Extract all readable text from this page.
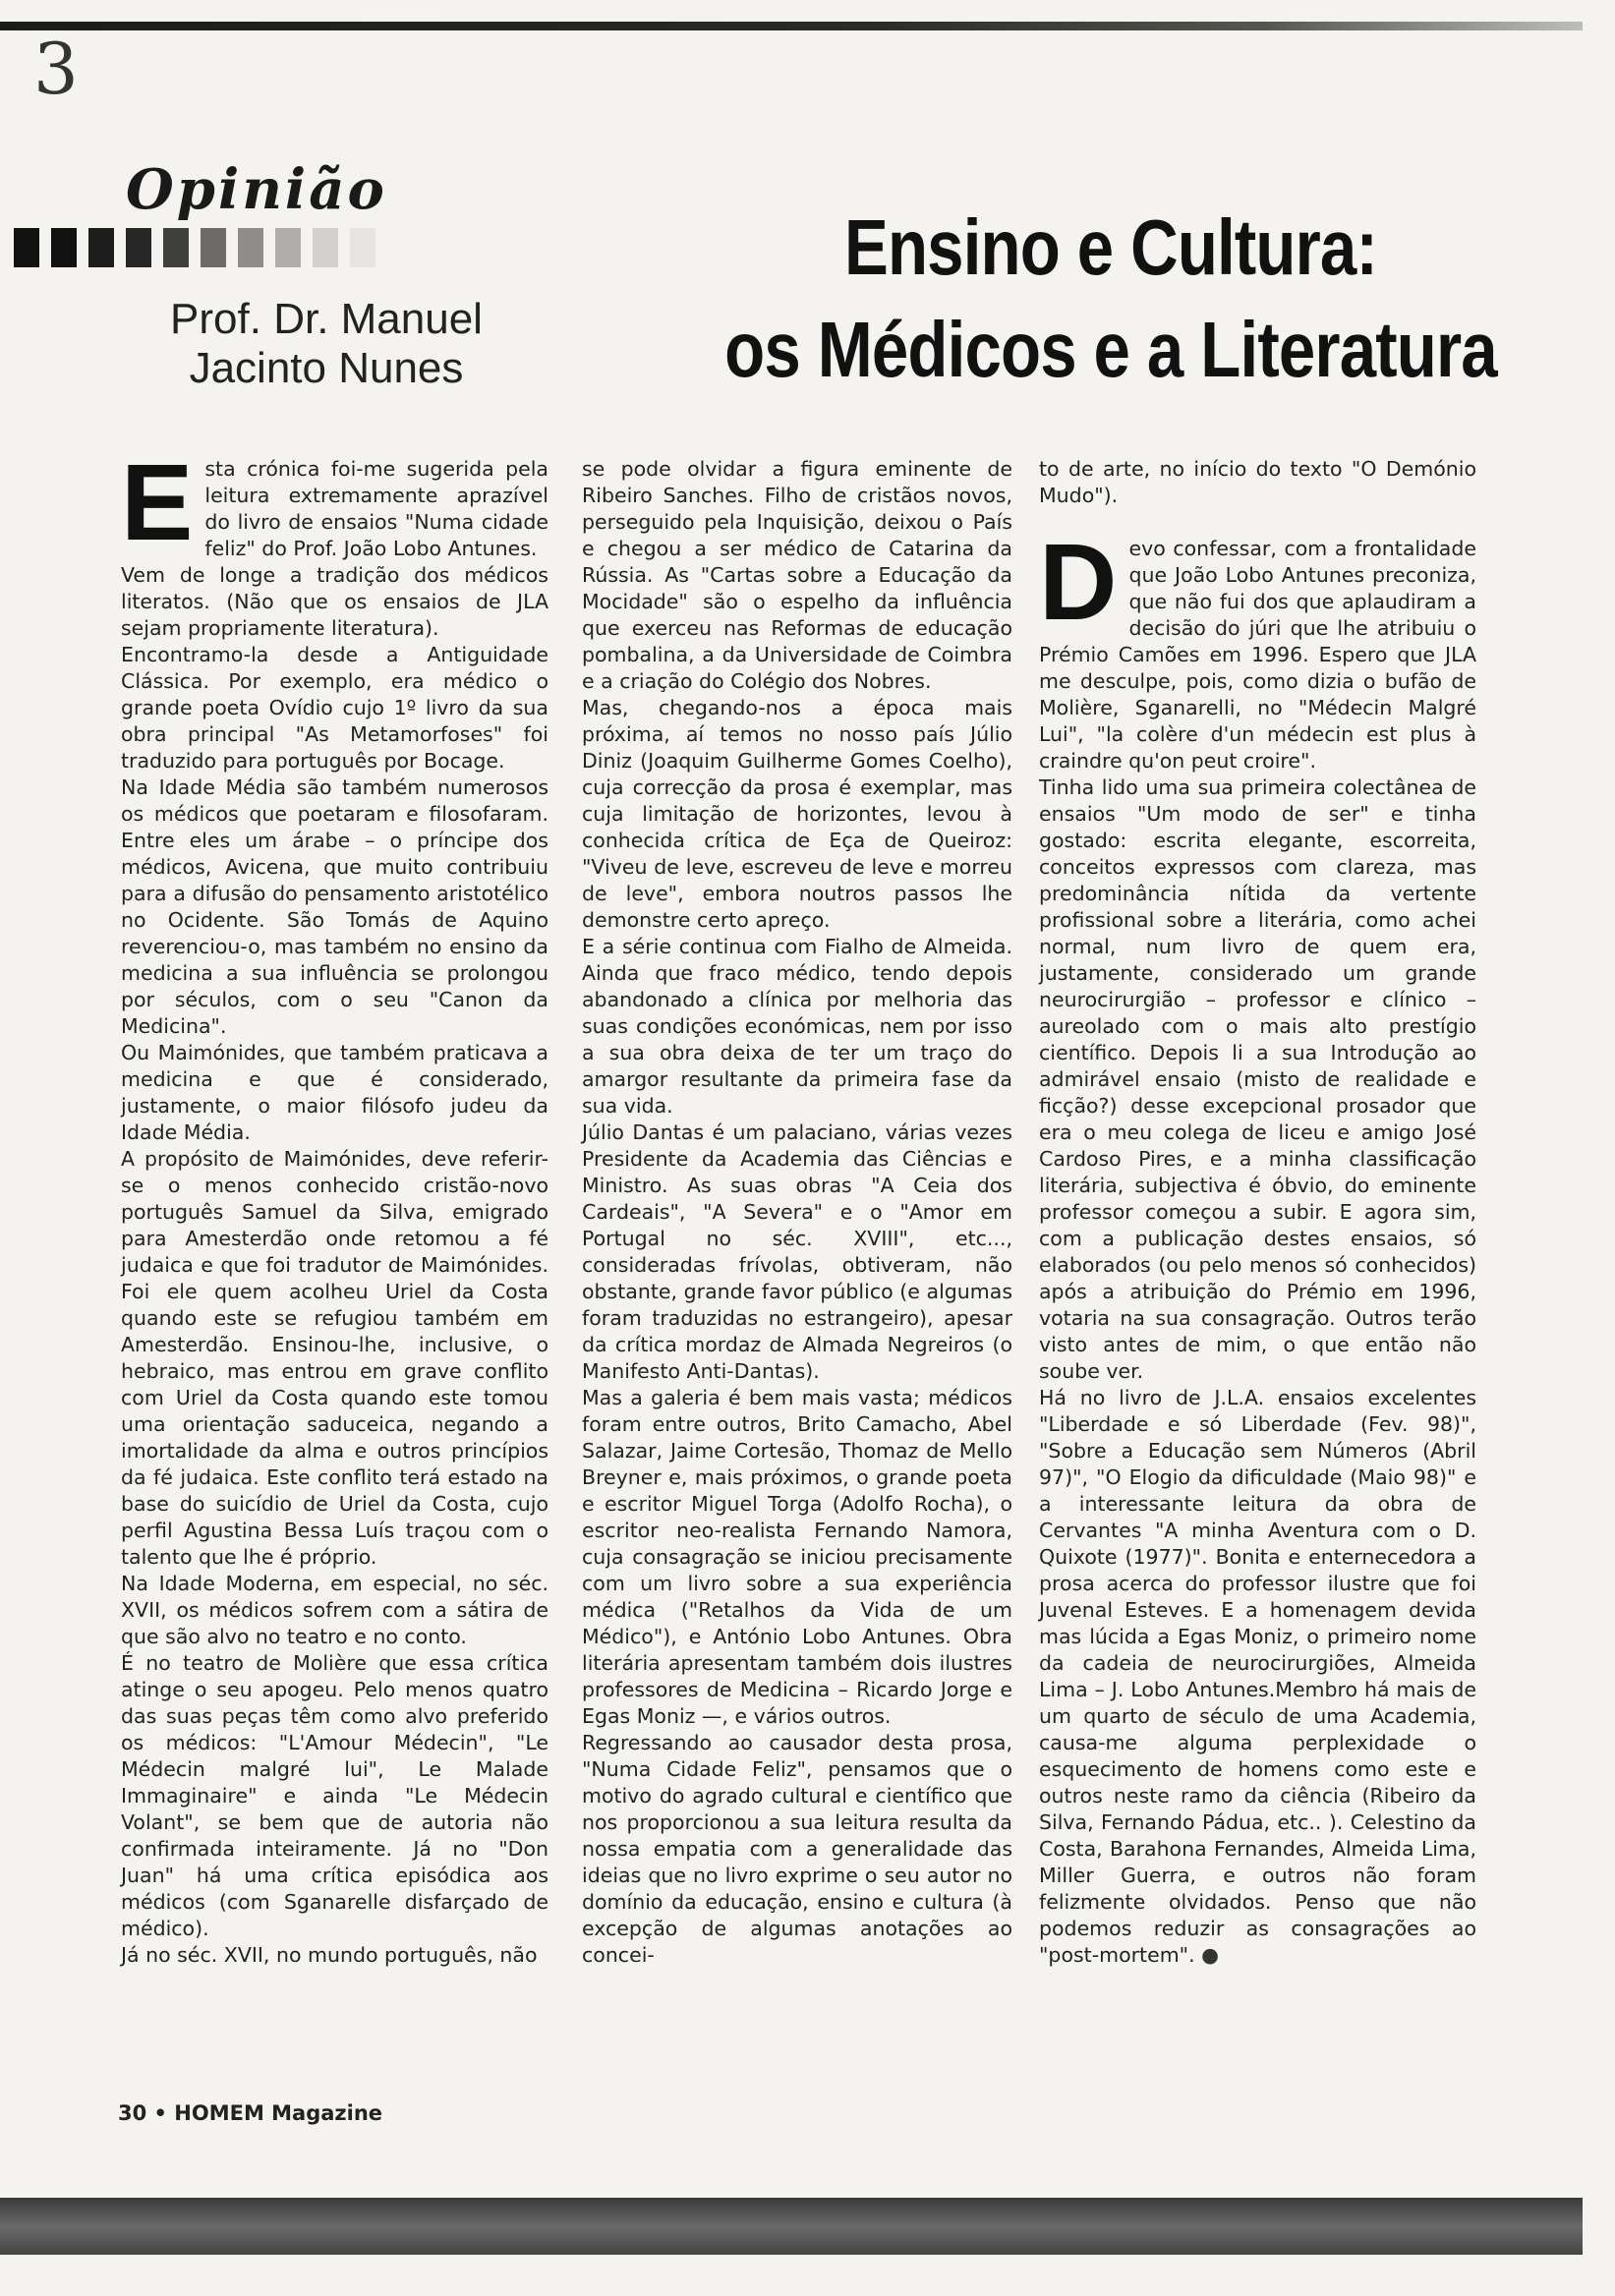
3
Opinião
Prof. Dr. Manuel
Jacinto Nunes
Ensino e Cultura:
os Médicos e a Literatura

Esta crónica foi-me sugerida pela leitura extremamente aprazível do livro de ensaios "Numa cidade feliz" do Prof. João Lobo Antunes.

Vem de longe a tradição dos médicos literatos. (Não que os ensaios de JLA sejam propriamente literatura).

Encontramo-la desde a Antiguidade Clássica. Por exemplo, era médico o grande poeta Ovídio cujo 1º livro da sua obra principal "As Metamorfoses" foi traduzido para português por Bocage.

Na Idade Média são também numerosos os médicos que poetaram e filosofaram. Entre eles um árabe – o príncipe dos médicos, Avicena, que muito contribuiu para a difusão do pensamento aristotélico no Ocidente. São Tomás de Aquino reverenciou-o, mas também no ensino da medicina a sua influência se prolongou por séculos, com o seu "Canon da Medicina".

Ou Maimónides, que também praticava a medicina e que é considerado, justamente, o maior filósofo judeu da Idade Média.

A propósito de Maimónides, deve referir-se o menos conhecido cristão-novo português Samuel da Silva, emigrado para Amesterdão onde retomou a fé judaica e que foi tradutor de Maimónides. Foi ele quem acolheu Uriel da Costa quando este se refugiou também em Amesterdão. Ensinou-lhe, inclusive, o hebraico, mas entrou em grave conflito com Uriel da Costa quando este tomou uma orientação saduceica, negando a imortalidade da alma e outros princípios da fé judaica. Este conflito terá estado na base do suicídio de Uriel da Costa, cujo perfil Agustina Bessa Luís traçou com o talento que lhe é próprio.

Na Idade Moderna, em especial, no séc. XVII, os médicos sofrem com a sátira de que são alvo no teatro e no conto.

É no teatro de Molière que essa crítica atinge o seu apogeu. Pelo menos quatro das suas peças têm como alvo preferido os médicos: "L'Amour Médecin", "Le Médecin malgré lui", Le Malade Immaginaire" e ainda "Le Médecin Volant", se bem que de autoria não confirmada inteiramente. Já no "Don Juan" há uma crítica episódica aos médicos (com Sganarelle disfarçado de médico).

Já no séc. XVII, no mundo português, não

se pode olvidar a figura eminente de Ribeiro Sanches. Filho de cristãos novos, perseguido pela Inquisição, deixou o País e chegou a ser médico de Catarina da Rússia. As "Cartas sobre a Educação da Mocidade" são o espelho da influência que exerceu nas Reformas de educação pombalina, a da Universidade de Coimbra e a criação do Colégio dos Nobres.

Mas, chegando-nos a época mais próxima, aí temos no nosso país Júlio Diniz (Joaquim Guilherme Gomes Coelho), cuja correcção da prosa é exemplar, mas cuja limitação de horizontes, levou à conhecida crítica de Eça de Queiroz: "Viveu de leve, escreveu de leve e morreu de leve", embora noutros passos lhe demonstre certo apreço.

E a série continua com Fialho de Almeida. Ainda que fraco médico, tendo depois abandonado a clínica por melhoria das suas condições económicas, nem por isso a sua obra deixa de ter um traço do amargor resultante da primeira fase da sua vida.

Júlio Dantas é um palaciano, várias vezes Presidente da Academia das Ciências e Ministro. As suas obras "A Ceia dos Cardeais", "A Severa" e o "Amor em Portugal no séc. XVIII", etc..., consideradas frívolas, obtiveram, não obstante, grande favor público (e algumas foram traduzidas no estrangeiro), apesar da crítica mordaz de Almada Negreiros (o Manifesto Anti-Dantas).

Mas a galeria é bem mais vasta; médicos foram entre outros, Brito Camacho, Abel Salazar, Jaime Cortesão, Thomaz de Mello Breyner e, mais próximos, o grande poeta e escritor Miguel Torga (Adolfo Rocha), o escritor neo-realista Fernando Namora, cuja consagração se iniciou precisamente com um livro sobre a sua experiência médica ("Retalhos da Vida de um Médico"), e António Lobo Antunes. Obra literária apresentam também dois ilustres professores de Medicina – Ricardo Jorge e Egas Moniz —, e vários outros.

Regressando ao causador desta prosa, "Numa Cidade Feliz", pensamos que o motivo do agrado cultural e científico que nos proporcionou a sua leitura resulta da nossa empatia com a generalidade das ideias que no livro exprime o seu autor no domínio da educação, ensino e cultura (à excepção de algumas anotações ao concei-

to de arte, no início do texto "O Demónio Mudo").

Devo confessar, com a frontalidade que João Lobo Antunes preconiza, que não fui dos que aplaudiram a decisão do júri que lhe atribuiu o Prémio Camões em 1996. Espero que JLA me desculpe, pois, como dizia o bufão de Molière, Sganarelli, no "Médecin Malgré Lui", "la colère d'un médecin est plus à craindre qu'on peut croire".

Tinha lido uma sua primeira colectânea de ensaios "Um modo de ser" e tinha gostado: escrita elegante, escorreita, conceitos expressos com clareza, mas predominância nítida da vertente profissional sobre a literária, como achei normal, num livro de quem era, justamente, considerado um grande neurocirurgião – professor e clínico – aureolado com o mais alto prestígio científico. Depois li a sua Introdução ao admirável ensaio (misto de realidade e ficção?) desse excepcional prosador que era o meu colega de liceu e amigo José Cardoso Pires, e a minha classificação literária, subjectiva é óbvio, do eminente professor começou a subir. E agora sim, com a publicação destes ensaios, só elaborados (ou pelo menos só conhecidos) após a atribuição do Prémio em 1996, votaria na sua consagração. Outros terão visto antes de mim, o que então não soube ver.

Há no livro de J.L.A. ensaios excelentes "Liberdade e só Liberdade (Fev. 98)", "Sobre a Educação sem Números (Abril 97)", "O Elogio da dificuldade (Maio 98)" e a interessante leitura da obra de Cervantes "A minha Aventura com o D. Quixote (1977)". Bonita e enternecedora a prosa acerca do professor ilustre que foi Juvenal Esteves. E a homenagem devida mas lúcida a Egas Moniz, o primeiro nome da cadeia de neurocirurgiões, Almeida Lima – J. Lobo Antunes.Membro há mais de um quarto de século de uma Academia, causa-me alguma perplexidade o esquecimento de homens como este e outros neste ramo da ciência (Ribeiro da Silva, Fernando Pádua, etc.. ). Celestino da Costa, Barahona Fernandes, Almeida Lima, Miller Guerra, e outros não foram felizmente olvidados. Penso que não podemos reduzir as consagrações ao "post-mortem". ●

30 • HOMEM Magazine
